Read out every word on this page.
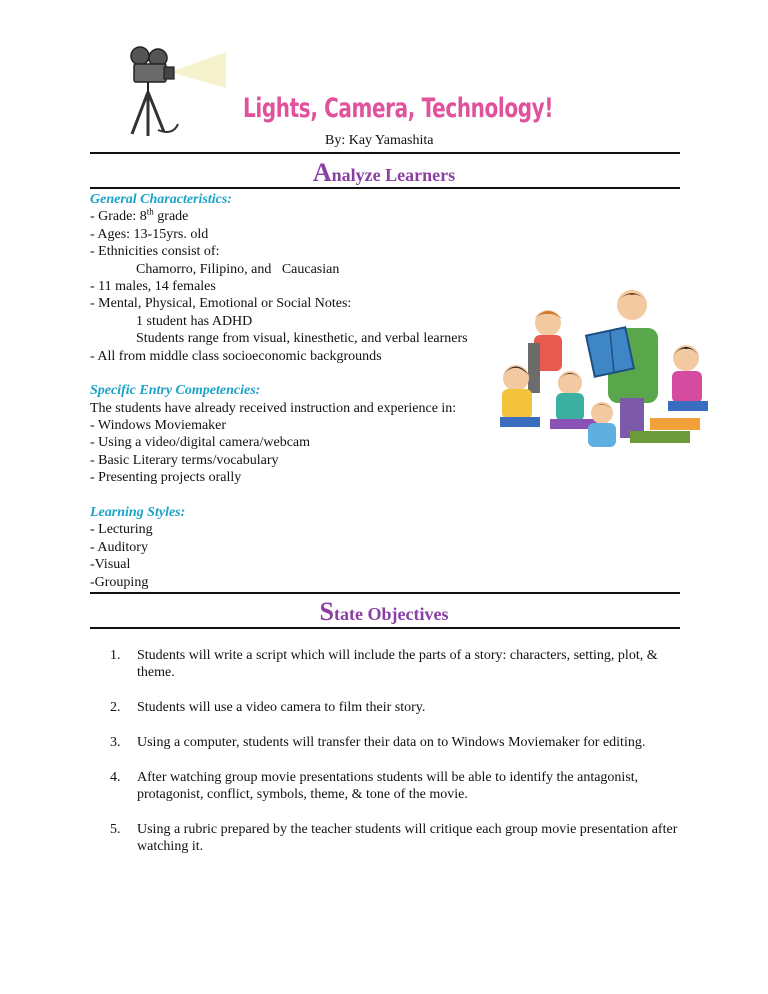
Lights, Camera, Technology!
By: Kay Yamashita
Analyze Learners
General Characteristics:
- Grade: 8th grade
- Ages: 13-15yrs. old
- Ethnicities consist of:
Chamorro, Filipino, and   Caucasian
- 11 males, 14 females
- Mental, Physical, Emotional or Social Notes:
1 student has ADHD
Students range from visual, kinesthetic, and verbal learners
- All from middle class socioeconomic backgrounds
Specific Entry Competencies:
The students have already received instruction and experience in:
- Windows Moviemaker
- Using a video/digital camera/webcam
- Basic Literary terms/vocabulary
- Presenting projects orally
Learning Styles:
- Lecturing
- Auditory
-Visual
-Grouping
State Objectives
1. Students will write a script which will include the parts of a story: characters, setting, plot, & theme.
2. Students will use a video camera to film their story.
3. Using a computer, students will transfer their data on to Windows Moviemaker for editing.
4. After watching group movie presentations students will be able to identify the antagonist, protagonist, conflict, symbols, theme, & tone of the movie.
5. Using a rubric prepared by the teacher students will critique each group movie presentation after watching it.
